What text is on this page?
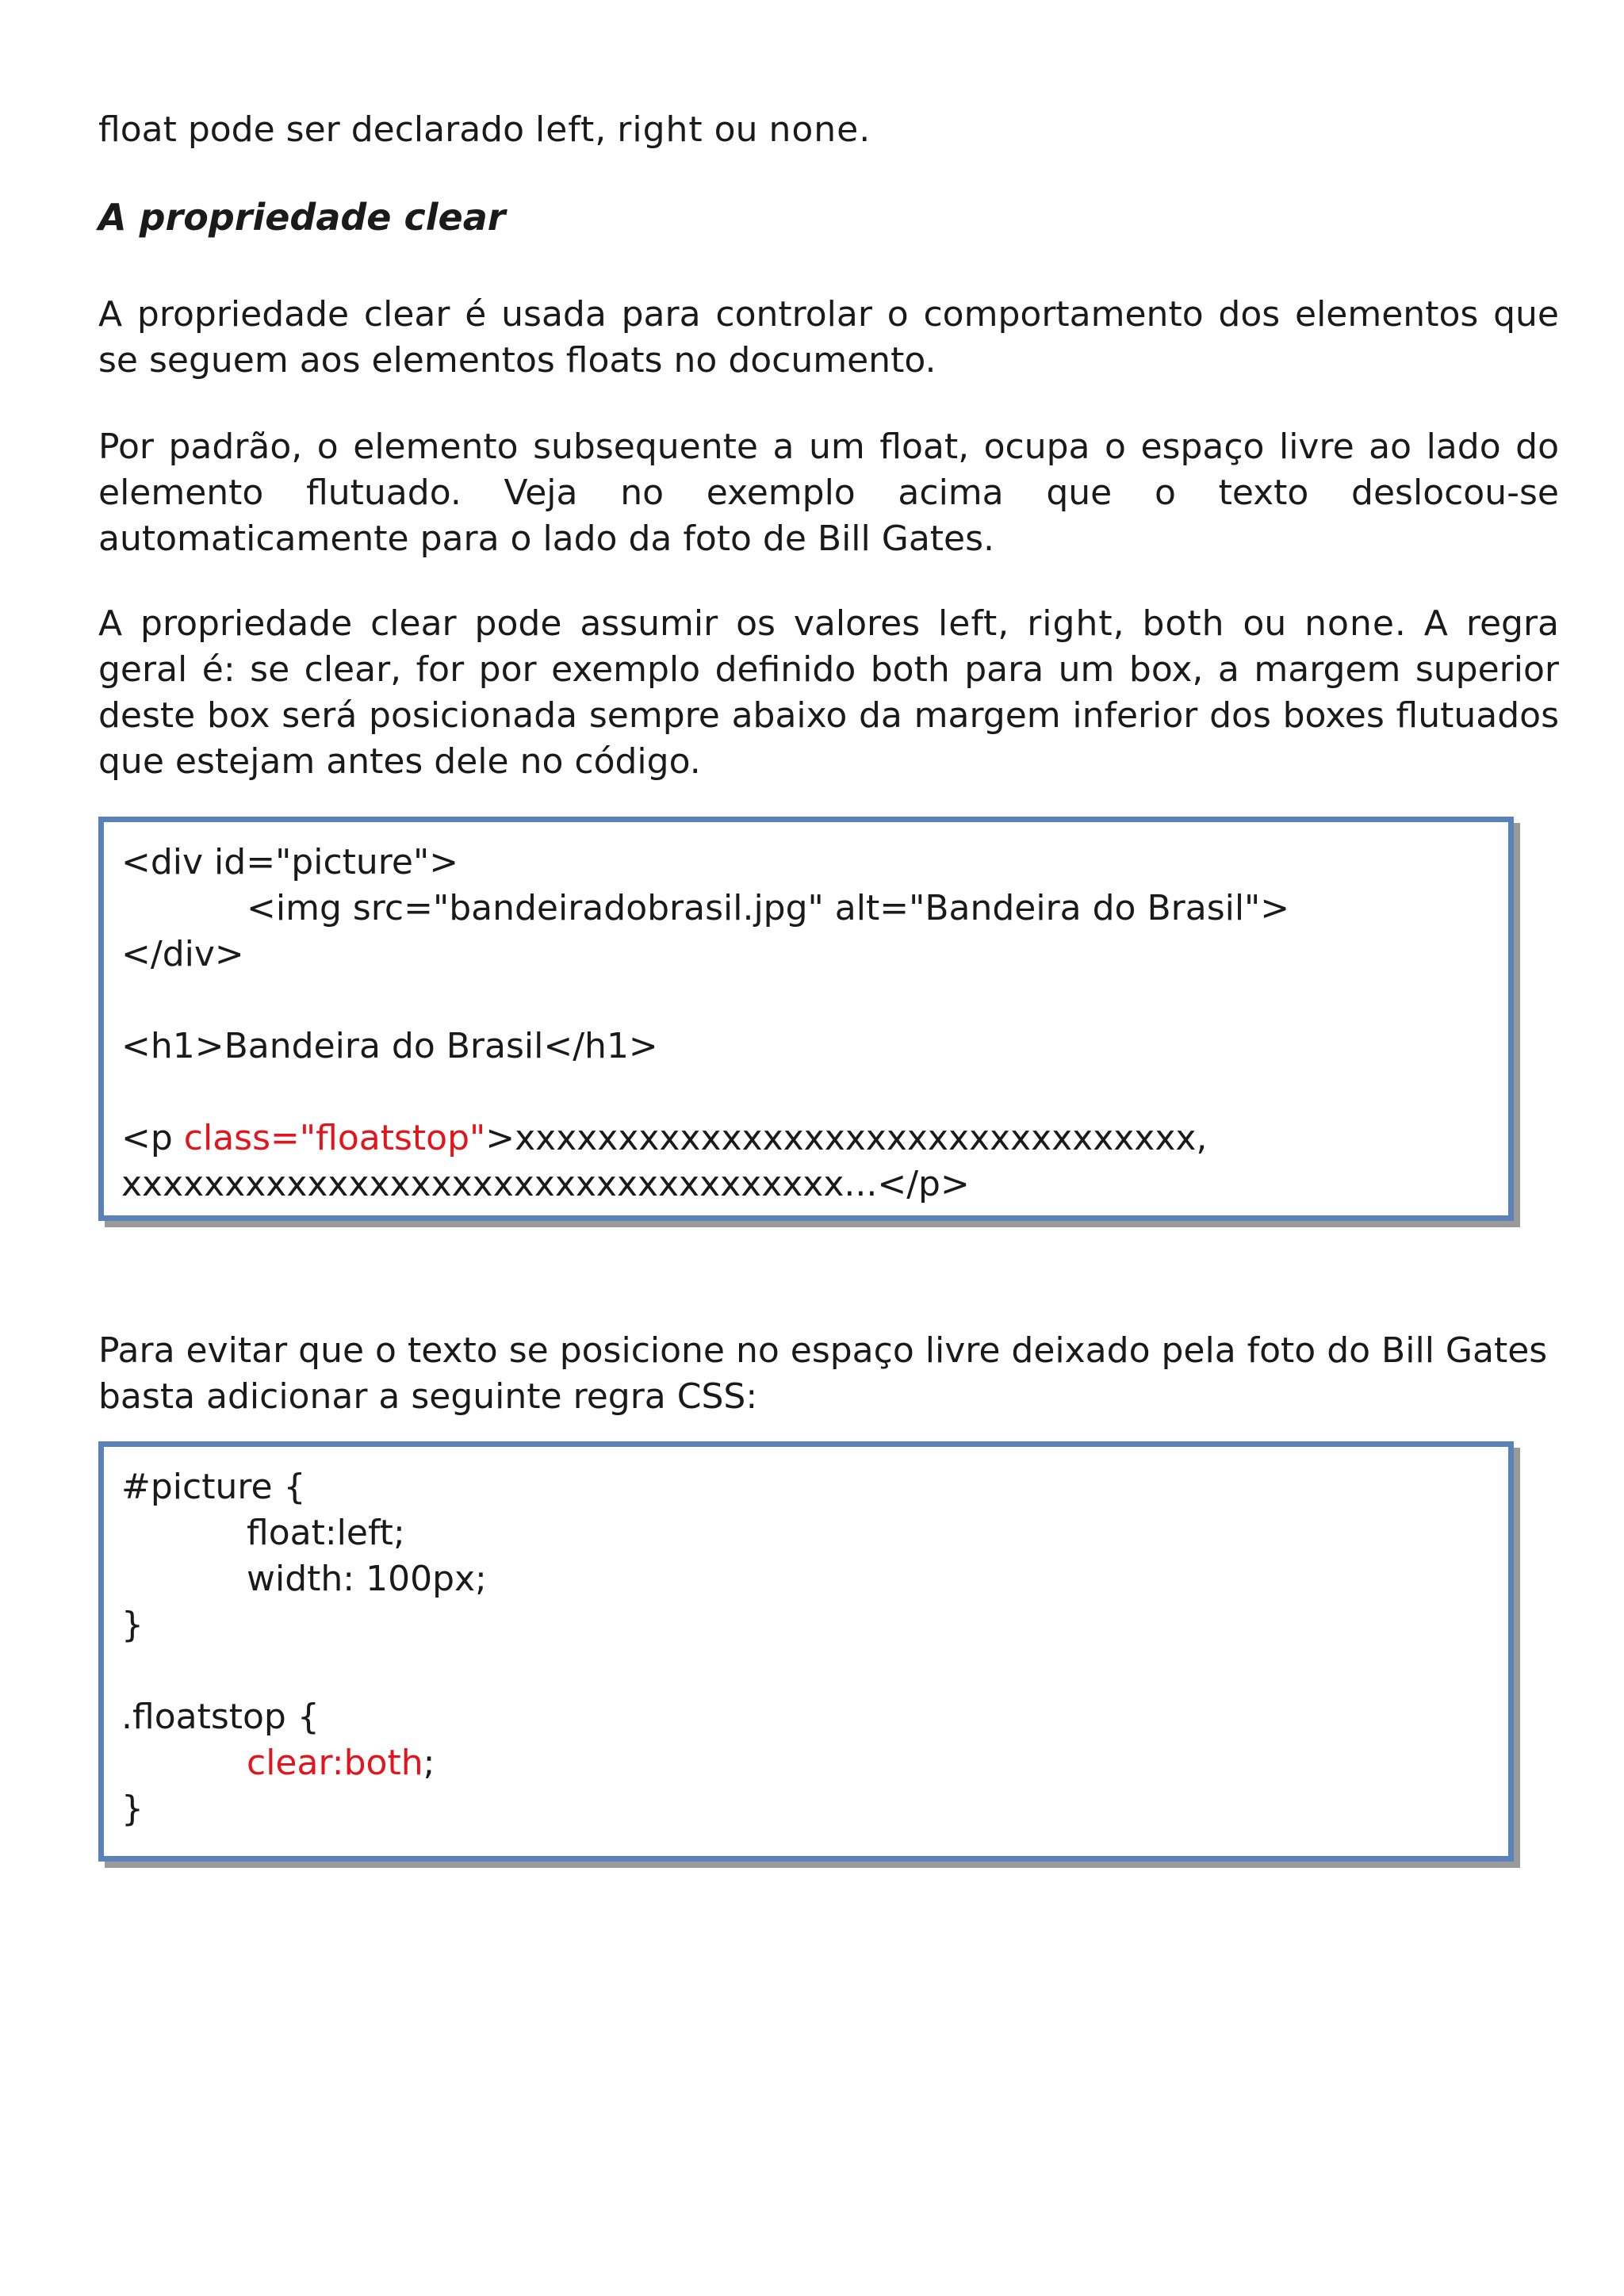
float pode ser declarado left, right ou none.

A propriedade clear

A propriedade clear é usada para controlar o comportamento dos elementos que se seguem aos elementos floats no documento.

Por padrão, o elemento subsequente a um float, ocupa o espaço livre ao lado do elemento flutuado. Veja no exemplo acima que o texto deslocou-se automaticamente para o lado da foto de Bill Gates.

A propriedade clear pode assumir os valores left, right, both ou none. A regra geral é: se clear, for por exemplo definido both para um box, a margem superior deste box será posicionada sempre abaixo da margem inferior dos boxes flutuados que estejam antes dele no código.

<div id="picture">
<img src="bandeiradobrasil.jpg" alt="Bandeira do Brasil">
</div>
<h1>Bandeira do Brasil</h1>
<p class="floatstop">xxxxxxxxxxxxxxxxxxxxxxxxxxxxxxxxx,
xxxxxxxxxxxxxxxxxxxxxxxxxxxxxxxxxxx...</p>

Para evitar que o texto se posicione no espaço livre deixado pela foto do Bill Gates basta adicionar a seguinte regra CSS:

#picture {
float:left;
width: 100px;
}
.floatstop {
clear:both;
}
